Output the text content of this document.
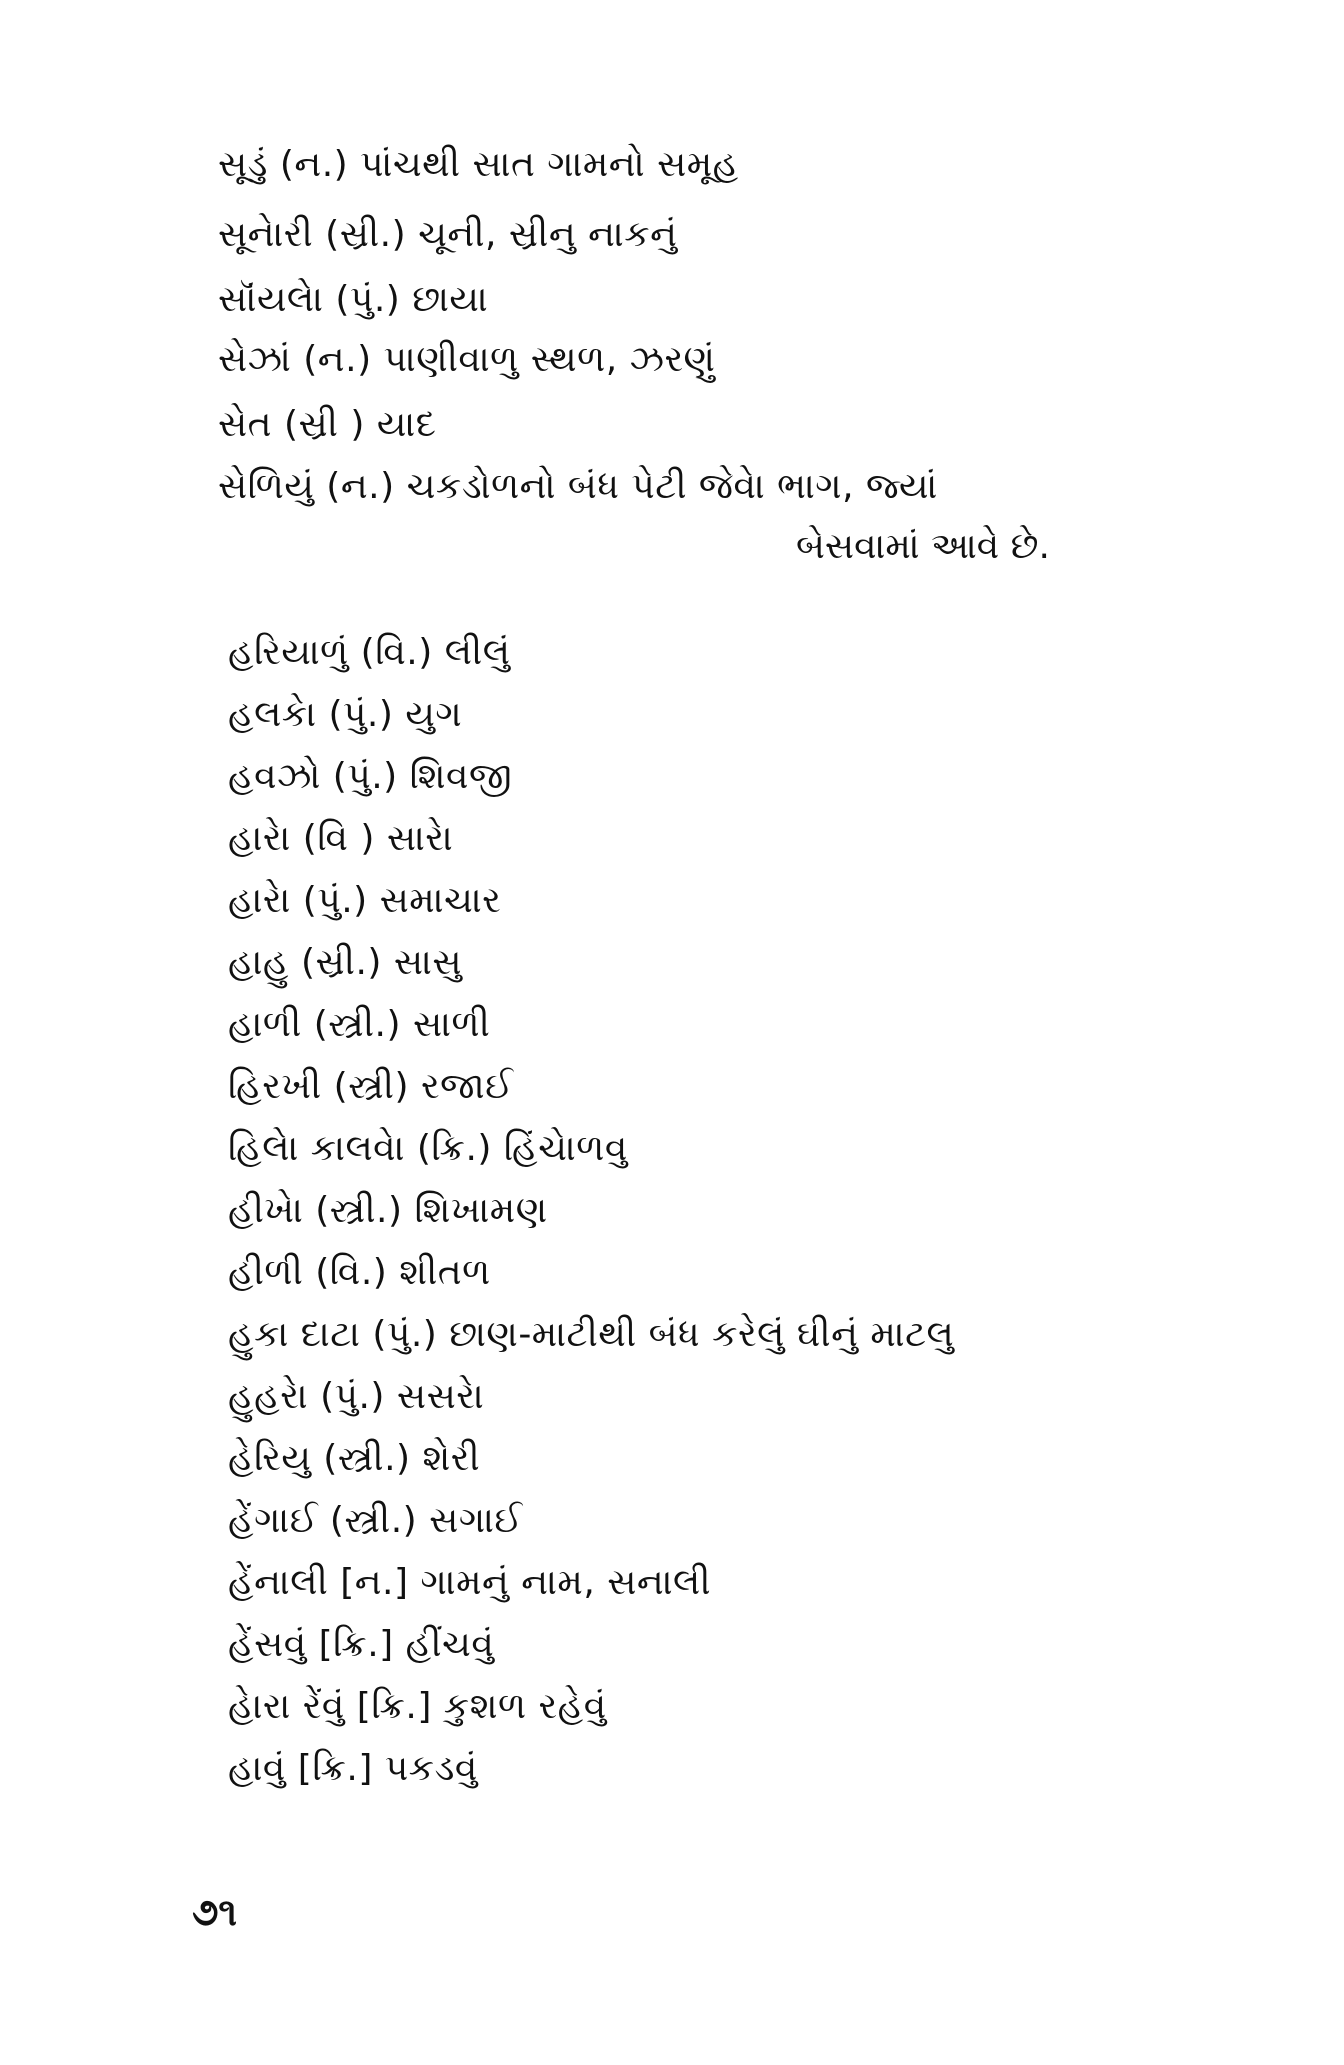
સૂડું (ન.) પાંચથી સાત ગામનો સમૂહ
સૂનેારી (સ્રી.) ચૂની, સ્રીનુ નાકનું
સૉંયલેા (પું.) છાયા
સેઝાં (ન.) પાણીવાળુ સ્થળ, ઝરણું
સેત (સ્રી ) યાદ
સેળિયું (ન.) ચકડોળનો બંધ પેટી જેવેા ભાગ, જ્યાં
બેસવામાં આવે છે.
હરિયાળું (વિ.) લીલું
હલકેા (પું.) યુગ
હવઝો (પું.) શિવજી
હારેા (વિ ) સારેા
હારેા (પું.) સમાચાર
હાહુ (સ્રી.) સાસુ
હાળી (સ્ત્રી.) સાળી
હિરખી (સ્ત્રી) રજાઈ
હિલેા કાલવેા (ક્રિ.) હિંચેાળવુ
હીખેા (સ્ત્રી.) શિખામણ
હીળી (વિ.) શીતળ
હુકા દાટા (પું.) છાણ-માટીથી બંધ કરેલું ઘીનું માટલુ
હુહરેા (પું.) સસરેા
હેરિયુ (સ્ત્રી.) શેરી
હેંગાઈ (સ્ત્રી.) સગાઈ
હેંનાલી [ન.] ગામનું નામ, સનાલી
હેંસવું [ક્રિ.] હીંચવું
હેારા રેંવું [ક્રિ.] કુશળ રહેવું
હાવું [ક્રિ.] પકડવું
૭૧
